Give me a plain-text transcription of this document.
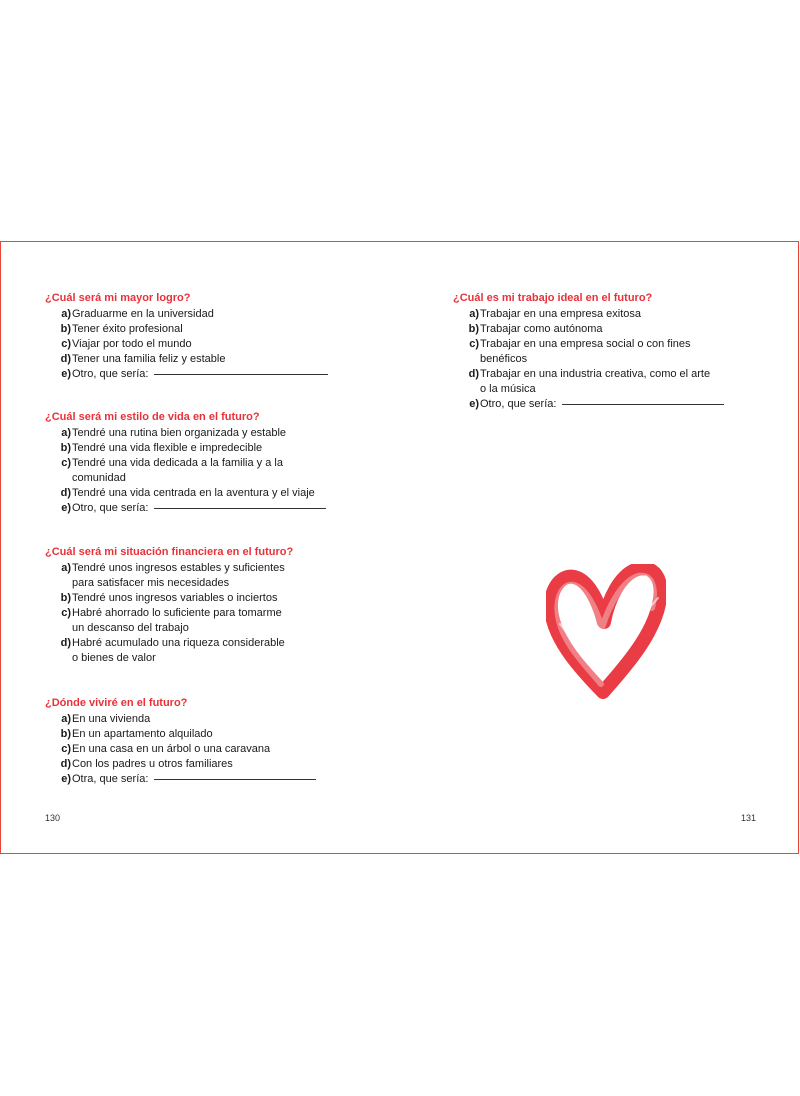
¿Cuál será mi mayor logro?
a) Graduarme en la universidad
b) Tener éxito profesional
c) Viajar por todo el mundo
d) Tener una familia feliz y estable
e) Otro, que sería:
¿Cuál será mi estilo de vida en el futuro?
a) Tendré una rutina bien organizada y estable
b) Tendré una vida flexible e impredecible
c) Tendré una vida dedicada a la familia y a la
comunidad
d) Tendré una vida centrada en la aventura y el viaje
e) Otro, que sería:
¿Cuál será mi situación financiera en el futuro?
a) Tendré unos ingresos estables y suficientes
para satisfacer mis necesidades
b) Tendré unos ingresos variables o inciertos
c) Habré ahorrado lo suficiente para tomarme
un descanso del trabajo
d) Habré acumulado una riqueza considerable
o bienes de valor
¿Dónde viviré en el futuro?
a) En una vivienda
b) En un apartamento alquilado
c) En una casa en un árbol o una caravana
d) Con los padres u otros familiares
e) Otra, que sería:
130
¿Cuál es mi trabajo ideal en el futuro?
a) Trabajar en una empresa exitosa
b) Trabajar como autónoma
c) Trabajar en una empresa social o con fines
benéficos
d) Trabajar en una industria creativa, como el arte
o la música
e) Otro, que sería:
131
